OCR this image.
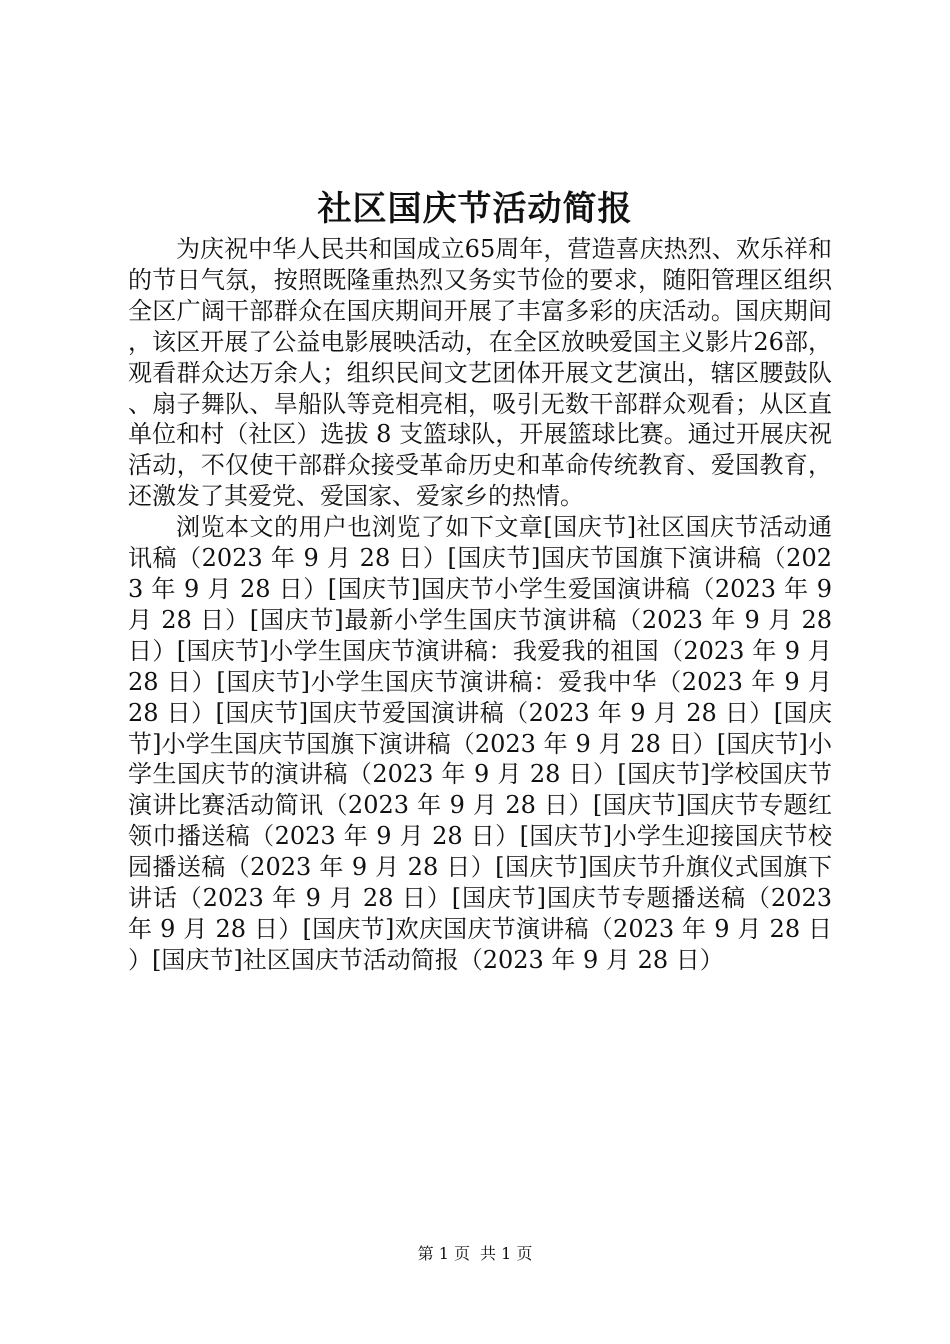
社区国庆节活动简报

为庆祝中华人民共和国成立65周年，营造喜庆热烈、欢乐祥和的节日气氛，按照既隆重热烈又务实节俭的要求，随阳管理区组织全区广阔干部群众在国庆期间开展了丰富多彩的庆活动。国庆期间，该区开展了公益电影展映活动，在全区放映爱国主义影片26部，观看群众达万余人；组织民间文艺团体开展文艺演出，辖区腰鼓队、扇子舞队、旱船队等竞相亮相，吸引无数干部群众观看；从区直单位和村（社区）选拔 8 支篮球队，开展篮球比赛。通过开展庆祝活动，不仅使干部群众接受革命历史和革命传统教育、爱国教育，还激发了其爱党、爱国家、爱家乡的热情。

浏览本文的用户也浏览了如下文章[国庆节]社区国庆节活动通讯稿（2023 年 9 月 28 日）[国庆节]国庆节国旗下演讲稿（2023 年 9 月 28 日）[国庆节]国庆节小学生爱国演讲稿（2023 年 9 月 28 日）[国庆节]最新小学生国庆节演讲稿（2023 年 9 月 28 日）[国庆节]小学生国庆节演讲稿：我爱我的祖国（2023 年 9 月 28 日）[国庆节]小学生国庆节演讲稿：爱我中华（2023 年 9 月 28 日）[国庆节]国庆节爱国演讲稿（2023 年 9 月 28 日）[国庆节]小学生国庆节国旗下演讲稿（2023 年 9 月 28 日）[国庆节]小学生国庆节的演讲稿（2023 年 9 月 28 日）[国庆节]学校国庆节演讲比赛活动简讯（2023 年 9 月 28 日）[国庆节]国庆节专题红领巾播送稿（2023 年 9 月 28 日）[国庆节]小学生迎接国庆节校园播送稿（2023 年 9 月 28 日）[国庆节]国庆节升旗仪式国旗下讲话（2023 年 9 月 28 日）[国庆节]国庆节专题播送稿（2023 年 9 月 28 日）[国庆节]欢庆国庆节演讲稿（2023 年 9 月 28 日）[国庆节]社区国庆节活动简报（2023 年 9 月 28 日）

第 1 页 共 1 页
